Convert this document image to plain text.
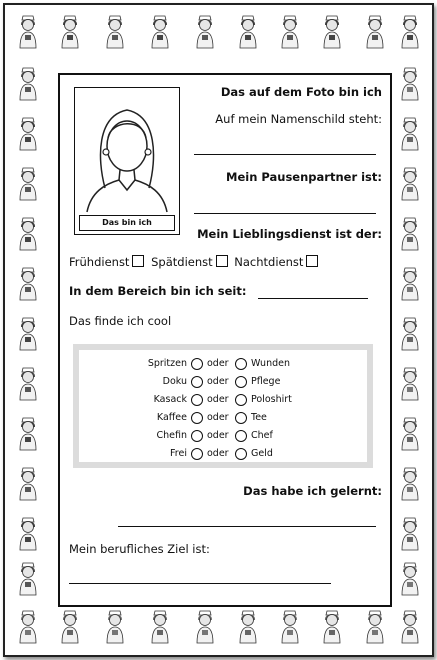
Das bin ich
Das auf dem Foto bin ich
Auf mein Namenschild steht:
Mein Pausenpartner ist:
Mein Lieblingsdienst ist der:
Frühdienst Spätdienst Nachtdienst
In dem Bereich bin ich seit:
Das finde ich cool
Spritzen oder Wunden
Doku oder Pflege
Kasack oder Poloshirt
Kaffee oder Tee
Chefin oder Chef
Frei oder Geld
Das habe ich gelernt:
Mein berufliches Ziel ist:
